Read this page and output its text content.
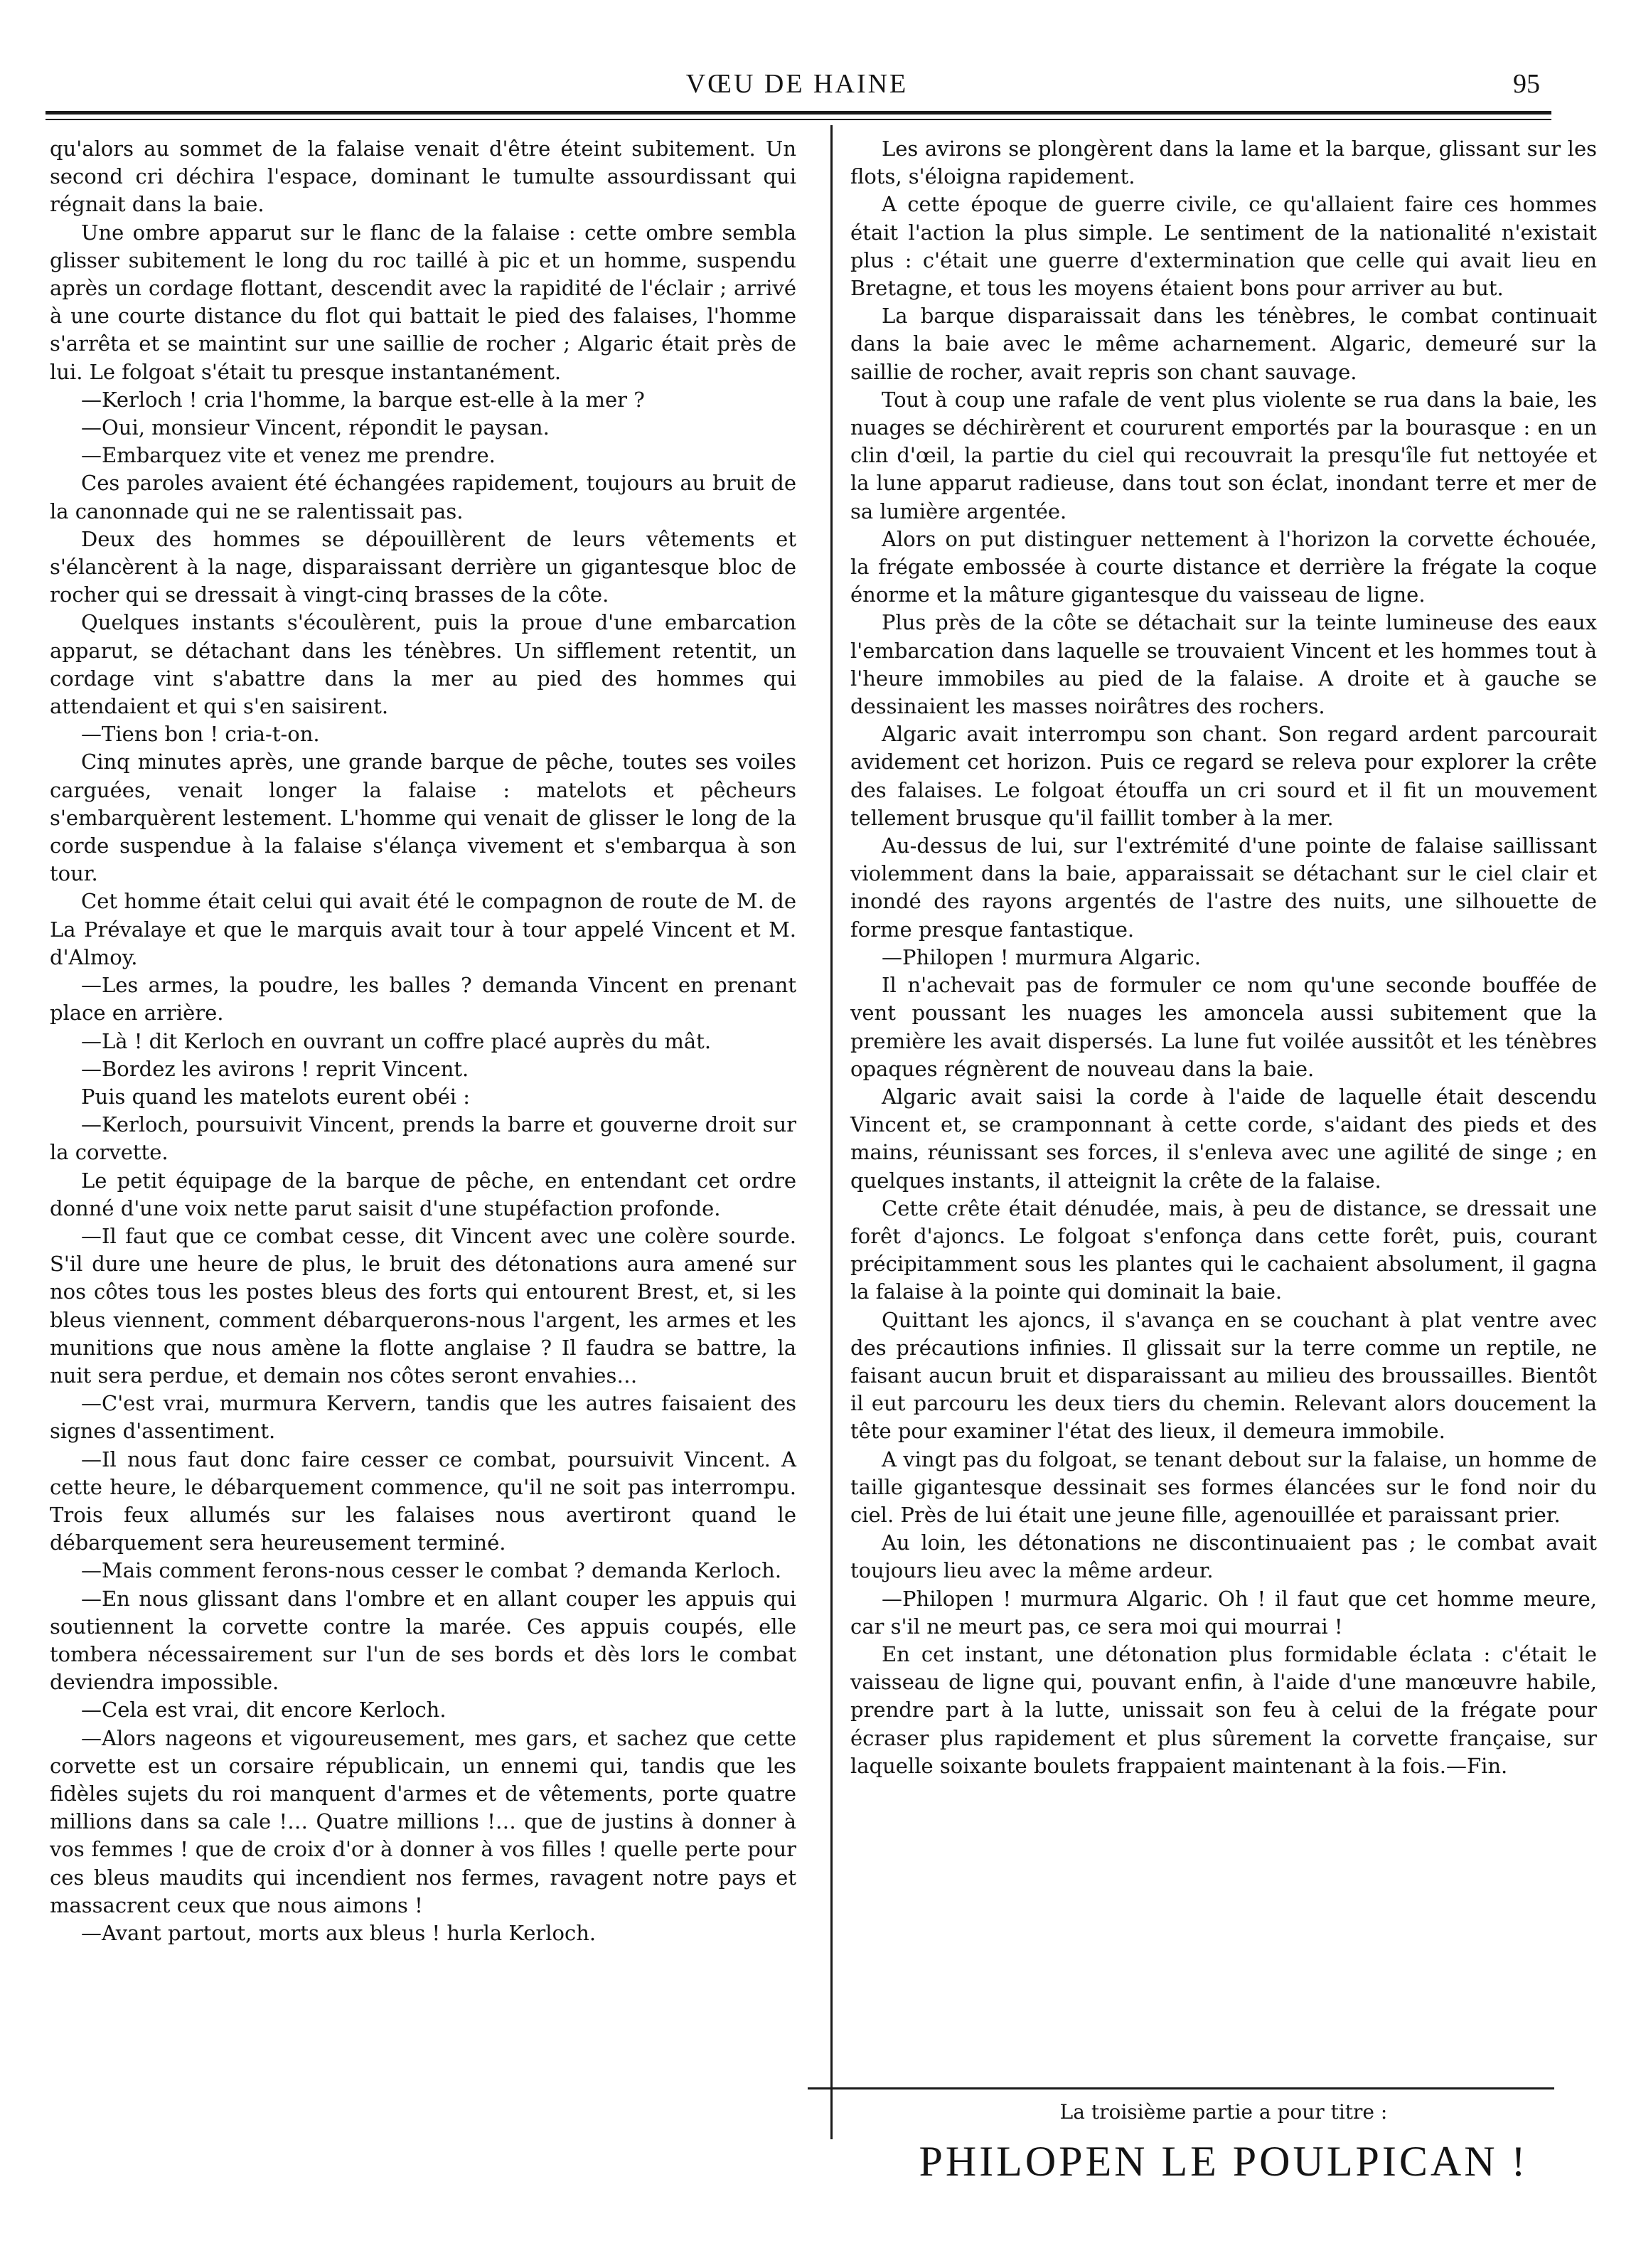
VŒU DE HAINE	95

qu'alors au sommet de la falaise venait d'être éteint subitement. Un second cri déchira l'espace, dominant le tumulte assourdissant qui régnait dans la baie.

Une ombre apparut sur le flanc de la falaise : cette ombre sembla glisser subitement le long du roc taillé à pic et un homme, suspendu après un cordage flottant, descendit avec la rapidité de l'éclair ; arrivé à une courte distance du flot qui battait le pied des falaises, l'homme s'arrêta et se maintint sur une saillie de rocher ; Algaric était près de lui. Le folgoat s'était tu presque instantanément.

—Kerloch ! cria l'homme, la barque est-elle à la mer ?

—Oui, monsieur Vincent, répondit le paysan.

—Embarquez vite et venez me prendre.

Ces paroles avaient été échangées rapidement, toujours au bruit de la canonnade qui ne se ralentissait pas.

Deux des hommes se dépouillèrent de leurs vêtements et s'élancèrent à la nage, disparaissant derrière un gigantesque bloc de rocher qui se dressait à vingt-cinq brasses de la côte.

Quelques instants s'écoulèrent, puis la proue d'une embarcation apparut, se détachant dans les ténèbres. Un sifflement retentit, un cordage vint s'abattre dans la mer au pied des hommes qui attendaient et qui s'en saisirent.

—Tiens bon ! cria-t-on.

Cinq minutes après, une grande barque de pêche, toutes ses voiles carguées, venait longer la falaise : matelots et pêcheurs s'embarquèrent lestement. L'homme qui venait de glisser le long de la corde suspendue à la falaise s'élança vivement et s'embarqua à son tour.

Cet homme était celui qui avait été le compagnon de route de M. de La Prévalaye et que le marquis avait tour à tour appelé Vincent et M. d'Almoy.

—Les armes, la poudre, les balles ? demanda Vincent en prenant place en arrière.

—Là ! dit Kerloch en ouvrant un coffre placé auprès du mât.

—Bordez les avirons ! reprit Vincent.

Puis quand les matelots eurent obéi :

—Kerloch, poursuivit Vincent, prends la barre et gouverne droit sur la corvette.

Le petit équipage de la barque de pêche, en entendant cet ordre donné d'une voix nette parut saisit d'une stupéfaction profonde.

—Il faut que ce combat cesse, dit Vincent avec une colère sourde. S'il dure une heure de plus, le bruit des détonations aura amené sur nos côtes tous les postes bleus des forts qui entourent Brest, et, si les bleus viennent, comment débarquerons-nous l'argent, les armes et les munitions que nous amène la flotte anglaise ? Il faudra se battre, la nuit sera perdue, et demain nos côtes seront envahies…

—C'est vrai, murmura Kervern, tandis que les autres faisaient des signes d'assentiment.

—Il nous faut donc faire cesser ce combat, poursuivit Vincent. A cette heure, le débarquement commence, qu'il ne soit pas interrompu. Trois feux allumés sur les falaises nous avertiront quand le débarquement sera heureusement terminé.

—Mais comment ferons-nous cesser le combat ? demanda Kerloch.

—En nous glissant dans l'ombre et en allant couper les appuis qui soutiennent la corvette contre la marée. Ces appuis coupés, elle tombera nécessairement sur l'un de ses bords et dès lors le combat deviendra impossible.

—Cela est vrai, dit encore Kerloch.

—Alors nageons et vigoureusement, mes gars, et sachez que cette corvette est un corsaire républicain, un ennemi qui, tandis que les fidèles sujets du roi manquent d'armes et de vêtements, porte quatre millions dans sa cale !… Quatre millions !… que de justins à donner à vos femmes ! que de croix d'or à donner à vos filles ! quelle perte pour ces bleus maudits qui incendient nos fermes, ravagent notre pays et massacrent ceux que nous aimons !

—Avant partout, morts aux bleus ! hurla Kerloch.

Les avirons se plongèrent dans la lame et la barque, glissant sur les flots, s'éloigna rapidement.

A cette époque de guerre civile, ce qu'allaient faire ces hommes était l'action la plus simple. Le sentiment de la nationalité n'existait plus : c'était une guerre d'extermination que celle qui avait lieu en Bretagne, et tous les moyens étaient bons pour arriver au but.

La barque disparaissait dans les ténèbres, le combat continuait dans la baie avec le même acharnement. Algaric, demeuré sur la saillie de rocher, avait repris son chant sauvage.

Tout à coup une rafale de vent plus violente se rua dans la baie, les nuages se déchirèrent et coururent emportés par la bourasque : en un clin d'œil, la partie du ciel qui recouvrait la presqu'île fut nettoyée et la lune apparut radieuse, dans tout son éclat, inondant terre et mer de sa lumière argentée.

Alors on put distinguer nettement à l'horizon la corvette échouée, la frégate embossée à courte distance et derrière la frégate la coque énorme et la mâture gigantesque du vaisseau de ligne.

Plus près de la côte se détachait sur la teinte lumineuse des eaux l'embarcation dans laquelle se trouvaient Vincent et les hommes tout à l'heure immobiles au pied de la falaise. A droite et à gauche se dessinaient les masses noirâtres des rochers.

Algaric avait interrompu son chant. Son regard ardent parcourait avidement cet horizon. Puis ce regard se releva pour explorer la crête des falaises. Le folgoat étouffa un cri sourd et il fit un mouvement tellement brusque qu'il faillit tomber à la mer.

Au-dessus de lui, sur l'extrémité d'une pointe de falaise saillissant violemment dans la baie, apparaissait se détachant sur le ciel clair et inondé des rayons argentés de l'astre des nuits, une silhouette de forme presque fantastique.

—Philopen ! murmura Algaric.

Il n'achevait pas de formuler ce nom qu'une seconde bouffée de vent poussant les nuages les amoncela aussi subitement que la première les avait dispersés. La lune fut voilée aussitôt et les ténèbres opaques régnèrent de nouveau dans la baie.

Algaric avait saisi la corde à l'aide de laquelle était descendu Vincent et, se cramponnant à cette corde, s'aidant des pieds et des mains, réunissant ses forces, il s'enleva avec une agilité de singe ; en quelques instants, il atteignit la crête de la falaise.

Cette crête était dénudée, mais, à peu de distance, se dressait une forêt d'ajoncs. Le folgoat s'enfonça dans cette forêt, puis, courant précipitamment sous les plantes qui le cachaient absolument, il gagna la falaise à la pointe qui dominait la baie.

Quittant les ajoncs, il s'avança en se couchant à plat ventre avec des précautions infinies. Il glissait sur la terre comme un reptile, ne faisant aucun bruit et disparaissant au milieu des broussailles. Bientôt il eut parcouru les deux tiers du chemin. Relevant alors doucement la tête pour examiner l'état des lieux, il demeura immobile.

A vingt pas du folgoat, se tenant debout sur la falaise, un homme de taille gigantesque dessinait ses formes élancées sur le fond noir du ciel. Près de lui était une jeune fille, agenouillée et paraissant prier.

Au loin, les détonations ne discontinuaient pas ; le combat avait toujours lieu avec la même ardeur.

—Philopen ! murmura Algaric. Oh ! il faut que cet homme meure, car s'il ne meurt pas, ce sera moi qui mourrai !

En cet instant, une détonation plus formidable éclata : c'était le vaisseau de ligne qui, pouvant enfin, à l'aide d'une manœuvre habile, prendre part à la lutte, unissait son feu à celui de la frégate pour écraser plus rapidement et plus sûrement la corvette française, sur laquelle soixante boulets frappaient maintenant à la fois.—Fin.

La troisième partie a pour titre :
PHILOPEN LE POULPICAN !
